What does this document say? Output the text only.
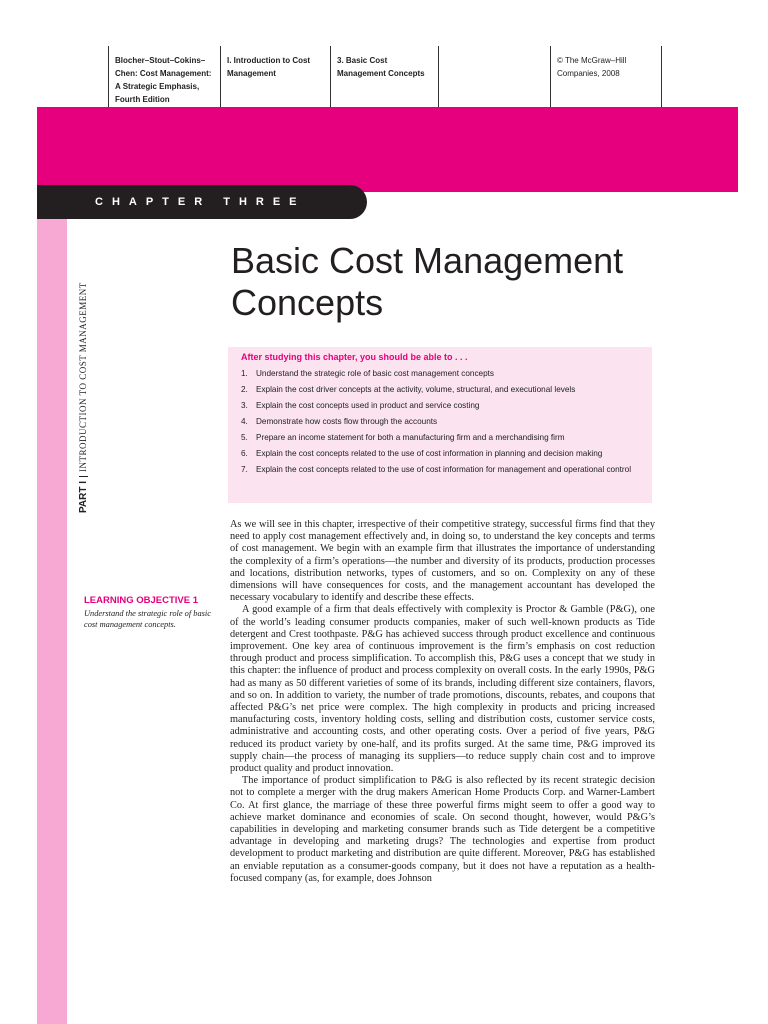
Blocher–Stout–Cokins–Chen: Cost Management: A Strategic Emphasis, Fourth Edition
I. Introduction to Cost Management
3. Basic Cost Management Concepts
© The McGraw–Hill Companies, 2008
CHAPTER THREE
PART IINTRODUCTION TO COST MANAGEMENT
Basic Cost Management
Concepts

After studying this chapter, you should be able to . . .

1. Understand the strategic role of basic cost management concepts
2. Explain the cost driver concepts at the activity, volume, structural, and executional levels
3. Explain the cost concepts used in product and service costing
4. Demonstrate how costs flow through the accounts
5. Prepare an income statement for both a manufacturing firm and a merchandising firm
6. Explain the cost concepts related to the use of cost information in planning and decision making
7. Explain the cost concepts related to the use of cost information for management and operational control

LEARNING OBJECTIVE 1

Understand the strategic role of basic cost management concepts.

As we will see in this chapter, irrespective of their competitive strategy, successful firms find that they need to apply cost management effectively and, in doing so, to understand the key concepts and terms of cost management. We begin with an example firm that illustrates the importance of understanding the complexity of a firm’s operations—the number and diversity of its products, production processes and locations, distribution networks, types of customers, and so on. Complexity on any of these dimensions will have consequences for costs, and the management accountant has developed the necessary vocabulary to identify and describe these effects.

A good example of a firm that deals effectively with complexity is Proctor & Gamble (P&G), one of the world’s leading consumer products companies, maker of such well-known products as Tide detergent and Crest toothpaste. P&G has achieved success through product excellence and continuous improvement. One key area of continuous improvement is the firm’s emphasis on cost reduction through product and process simplification. To accomplish this, P&G uses a concept that we study in this chapter: the influence of product and process complexity on overall costs. In the early 1990s, P&G had as many as 50 different varieties of some of its brands, including different size containers, flavors, and so on. In addition to variety, the number of trade promotions, discounts, rebates, and coupons that affected P&G’s net price were complex. The high complexity in products and pricing increased manufacturing costs, inventory holding costs, selling and distribution costs, customer service costs, administrative and accounting costs, and other operating costs. Over a period of five years, P&G reduced its product variety by one-half, and its profits surged. At the same time, P&G improved its supply chain—the process of managing its suppliers—to reduce supply chain cost and to improve product quality and product innovation.

The importance of product simplification to P&G is also reflected by its recent strategic decision not to complete a merger with the drug makers American Home Products Corp. and Warner-Lambert Co. At first glance, the marriage of these three powerful firms might seem to offer a good way to achieve market dominance and economies of scale. On second thought, however, would P&G’s capabilities in developing and marketing consumer brands such as Tide detergent be a competitive advantage in developing and marketing drugs? The technologies and expertise from product development to product marketing and distribution are quite different. Moreover, P&G has established an enviable reputation as a consumer-goods company, but it does not have a reputation as a health-focused company (as, for example, does Johnson
